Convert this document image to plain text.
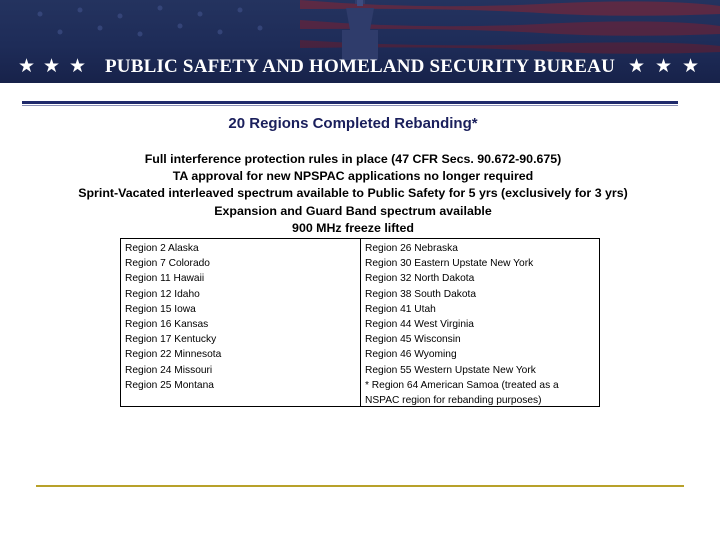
★ ★ ★ PUBLIC SAFETY AND HOMELAND SECURITY BUREAU ★ ★ ★
20 Regions Completed Rebanding*
Full interference protection rules in place (47 CFR Secs. 90.672-90.675)
TA approval for new NPSPAC applications no longer required
Sprint-Vacated interleaved spectrum available to Public Safety for 5 yrs (exclusively for 3 yrs)
Expansion and Guard Band spectrum available
900 MHz freeze lifted
Region 2 Alaska
Region 7 Colorado
Region 11 Hawaii
Region 12 Idaho
Region 15 Iowa
Region 16 Kansas
Region 17 Kentucky
Region 22 Minnesota
Region 24 Missouri
Region 25 Montana
Region 26 Nebraska
Region 30 Eastern Upstate New York
Region 32 North Dakota
Region 38 South Dakota
Region 41 Utah
Region 44 West Virginia
Region 45 Wisconsin
Region 46 Wyoming
Region 55 Western Upstate New York
* Region 64 American Samoa (treated as a
NSPAC region for rebanding purposes)
